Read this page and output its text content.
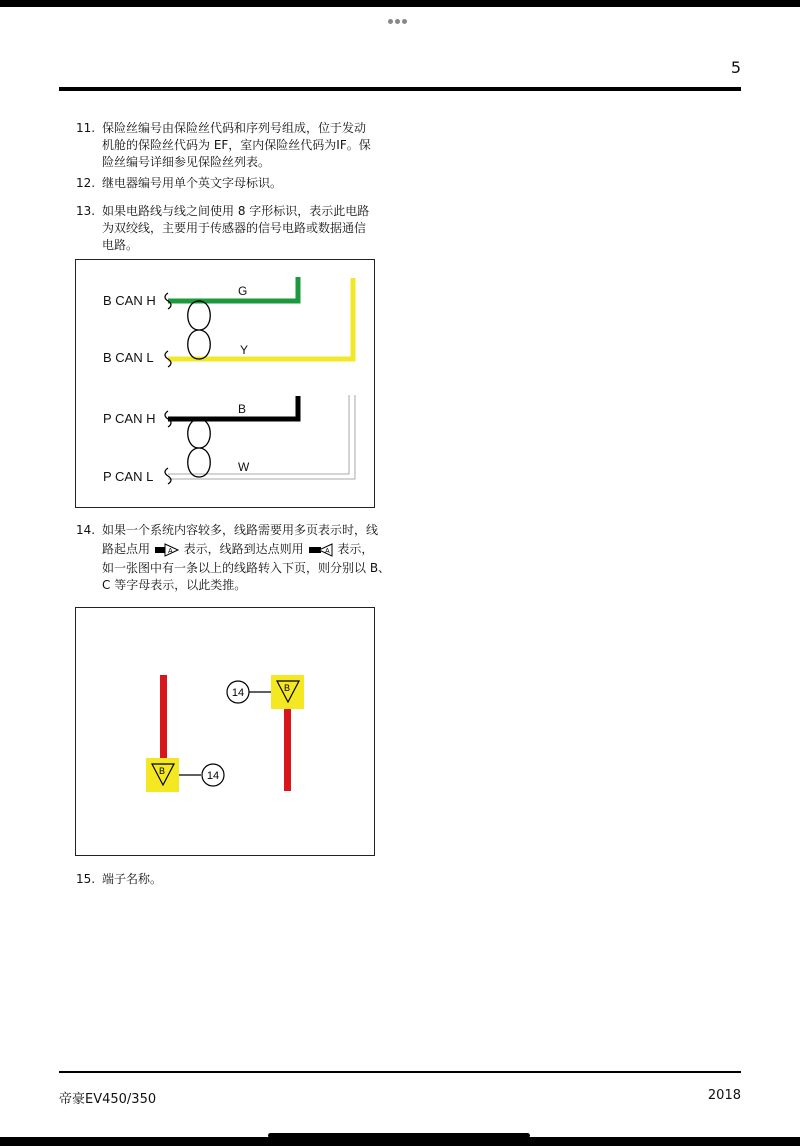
5
11. 保险丝编号由保险丝代码和序列号组成，位于发动
机舱的保险丝代码为 EF，室内保险丝代码为IF。保
险丝编号详细参见保险丝列表。
12. 继电器编号用单个英文字母标识。
13. 如果电路线与线之间使用 8 字形标识，表示此电路
为双绞线，主要用于传感器的信号电路或数据通信
电路。
B CAN H
B CAN L
P CAN H
P CAN L
G
Y
B
W
14. 如果一个系统内容较多，线路需要用多页表示时，线
路起点用	A 表示，线路到达点则用	A 表示，
如一张图中有一条以上的线路转入下页，则分别以 B、
C 等字母表示，以此类推。
B	14
14	B
15. 端子名称。
帝豪EV450/350	2018
